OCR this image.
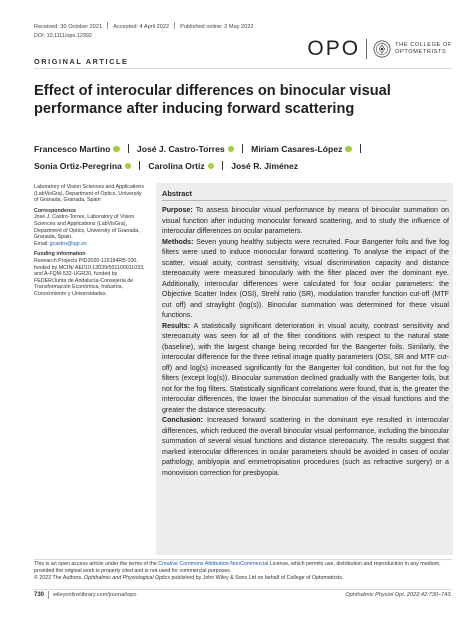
Received: 30 October 2021 Accepted: 4 April 2022 Published online: 2 May 2022
DOI: 10.1111/opo.12992
OPO	THE COLLEGE OF
OPTOMETRISTS
ORIGINAL ARTICLE
Effect of interocular differences on binocular visual performance after inducing forward scattering
Francesco Martino	José J. Castro-Torres	Miriam Casares-López
Sonia Ortiz-Peregrina	Carolina Ortiz	José R. Jiménez

Laboratory of Vision Sciences and Applications (LabVisGra), Department of Optics, University of Granada, Granada, Spain

Correspondence

José J. Castro-Torres, Laboratory of Vision Sciences and Applications (LabVisGra), Department of Optics, University of Granada, Granada, Spain.

Email: jjcastro@ugr.es

Funding information

Research Projects PID2020-115184RB-100, funded by MCIN/ AEI/10.13039/501100011033, and A-FQM-532-UGR20, funded by FEDER/Junta de Andalucía-Consejería de Transformación Económica, Industria, Conocimiento y Universidades.

Abstract

Purpose: To assess binocular visual performance by means of binocular summation on visual function after inducing monocular forward scattering, and to study the influence of interocular differences on ocular parameters.

Methods: Seven young healthy subjects were recruited. Four Bangerter foils and five fog filters were used to induce monocular forward scattering. To analyse the impact of the scatter, visual acuity, contrast sensitivity, visual discrimination capacity and distance stereoacuity were measured binocularly with the filter placed over the dominant eye. Additionally, interocular differences were calculated for four ocular parameters: the Objective Scatter Index (OSI), Strehl ratio (SR), modulation transfer function cut-off (MTF cut off) and straylight (log(s)). Binocular summation was determined for these visual functions.

Results: A statistically significant deterioration in visual acuity, contrast sensitivity and stereoacuity was seen for all of the filter conditions with respect to the natural state (baseline), with the largest change being recorded for the Bangerter foils. Similarly, the interocular difference for the three retinal image quality parameters (OSI, SR and MTF cut-off) and log(s) increased significantly for the Bangerter foil condition, but not for the fog filters (except log(s)). Binocular summation declined gradually with the Bangerter foils, but not for the fog filters. Statistically significant correlations were found, that is, the greater the interocular differences, the lower the binocular summation of the visual functions and the greater the distance stereoacuity.

Conclusion: Increased forward scattering in the dominant eye resulted in interocular differences, which reduced the overall binocular visual performance, including the binocular summation of several visual functions and distance stereoacuity. The results suggest that marked interocular differences in ocular parameters should be avoided in cases of ocular pathology, amblyopia and emmetropisation procedures (such as refractive surgery) or a monovision correction for presbyopia.

This is an open access article under the terms of the Creative Commons Attribution-NonCommercial License, which permits use, distribution and reproduction in any medium, provided the original work is properly cited and is not used for commercial purposes.

© 2022 The Authors. Ophthalmic and Physiological Optics published by John Wiley & Sons Ltd on behalf of College of Optometrists.

730 wileyonlinelibrary.com/journal/opo	Ophthalmic Physiol Opt. 2022;42:730–743.
